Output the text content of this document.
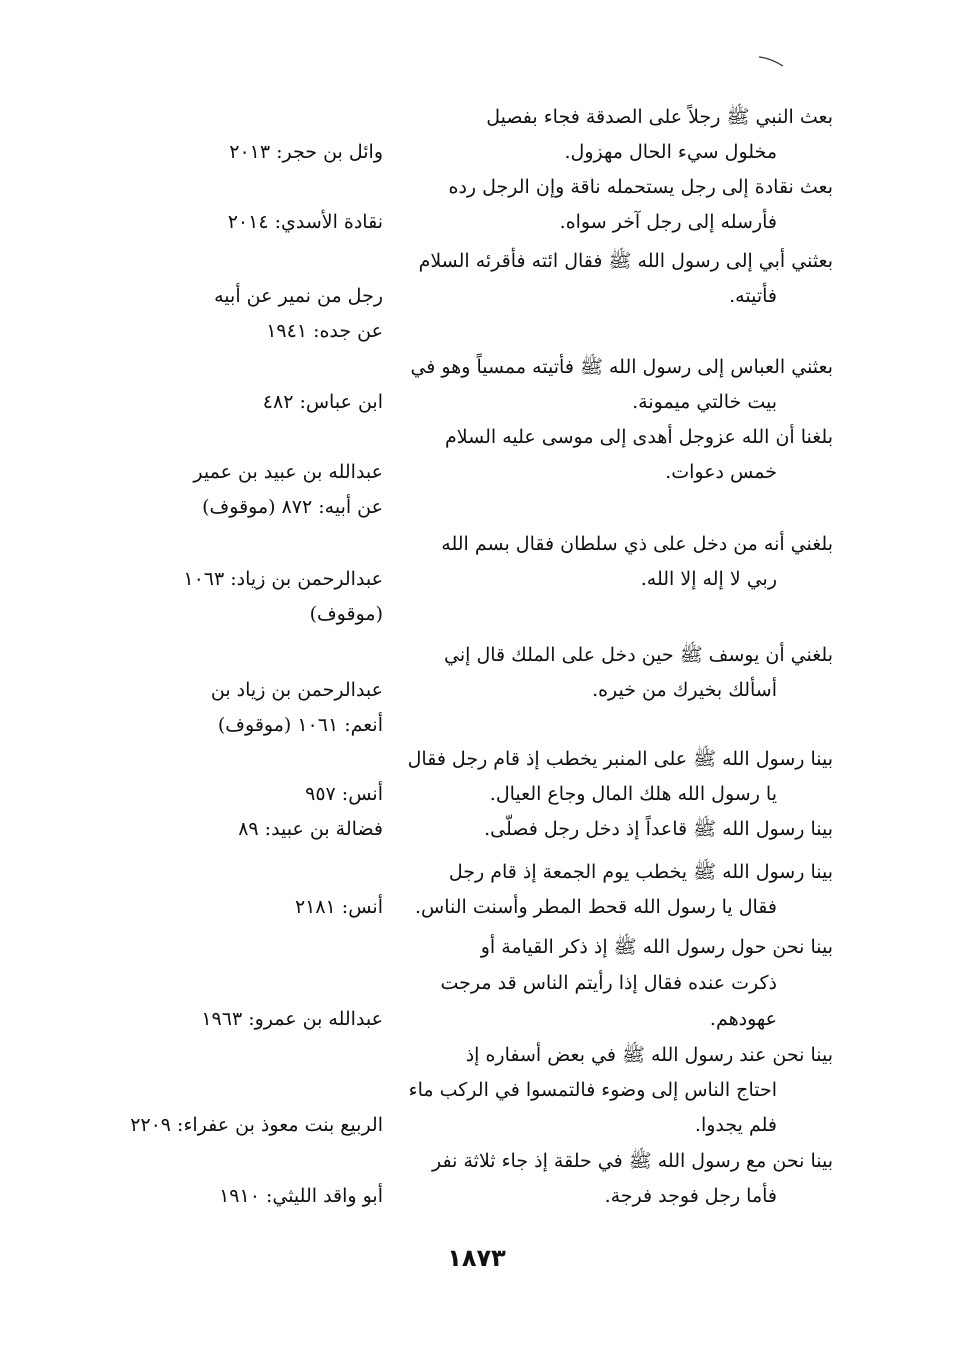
بعث النبي ﷺ رجلاً على الصدقة فجاء بفصيل
مخلول سيء الحال مهزول.
وائل بن حجر: ٢٠١٣
بعث نقادة إلى رجل يستحمله ناقة وإن الرجل رده
فأرسله إلى رجل آخر سواه.
نقادة الأسدي: ٢٠١٤
بعثني أبي إلى رسول الله ﷺ فقال ائته فأقرئه السلام
فأتيته.
رجل من نمير عن أبيه
عن جده: ١٩٤١
بعثني العباس إلى رسول الله ﷺ فأتيته ممسياً وهو في
بيت خالتي ميمونة.
ابن عباس: ٤٨٢
بلغنا أن الله عزوجل أهدى إلى موسى عليه السلام
خمس دعوات.
عبدالله بن عبيد بن عمير
عن أبيه: ٨٧٢ (موقوف)
بلغني أنه من دخل على ذي سلطان فقال بسم الله
ربي لا إله إلا الله.
عبدالرحمن بن زياد: ١٠٦٣
(موقوف)
بلغني أن يوسف ﷺ حين دخل على الملك قال إني
أسألك بخيرك من خيره.
عبدالرحمن بن زياد بن
أنعم: ١٠٦١ (موقوف)
بينا رسول الله ﷺ على المنبر يخطب إذ قام رجل فقال
يا رسول الله هلك المال وجاع العيال.
أنس: ٩٥٧
بينا رسول الله ﷺ قاعداً إذ دخل رجل فصلّى.
فضالة بن عبيد: ٨٩
بينا رسول الله ﷺ يخطب يوم الجمعة إذ قام رجل
فقال يا رسول الله قحط المطر وأسنت الناس.
أنس: ٢١٨١
بينا نحن حول رسول الله ﷺ إذ ذكر القيامة أو
ذكرت عنده فقال إذا رأيتم الناس قد مرجت
عهودهم.
عبدالله بن عمرو: ١٩٦٣
بينا نحن عند رسول الله ﷺ في بعض أسفاره إذ
احتاج الناس إلى وضوء فالتمسوا في الركب ماء
فلم يجدوا.
الربيع بنت معوذ بن عفراء: ٢٢٠٩
بينا نحن مع رسول الله ﷺ في حلقة إذ جاء ثلاثة نفر
فأما رجل فوجد فرجة.
أبو واقد الليثي: ١٩١٠
١٨٧٣
